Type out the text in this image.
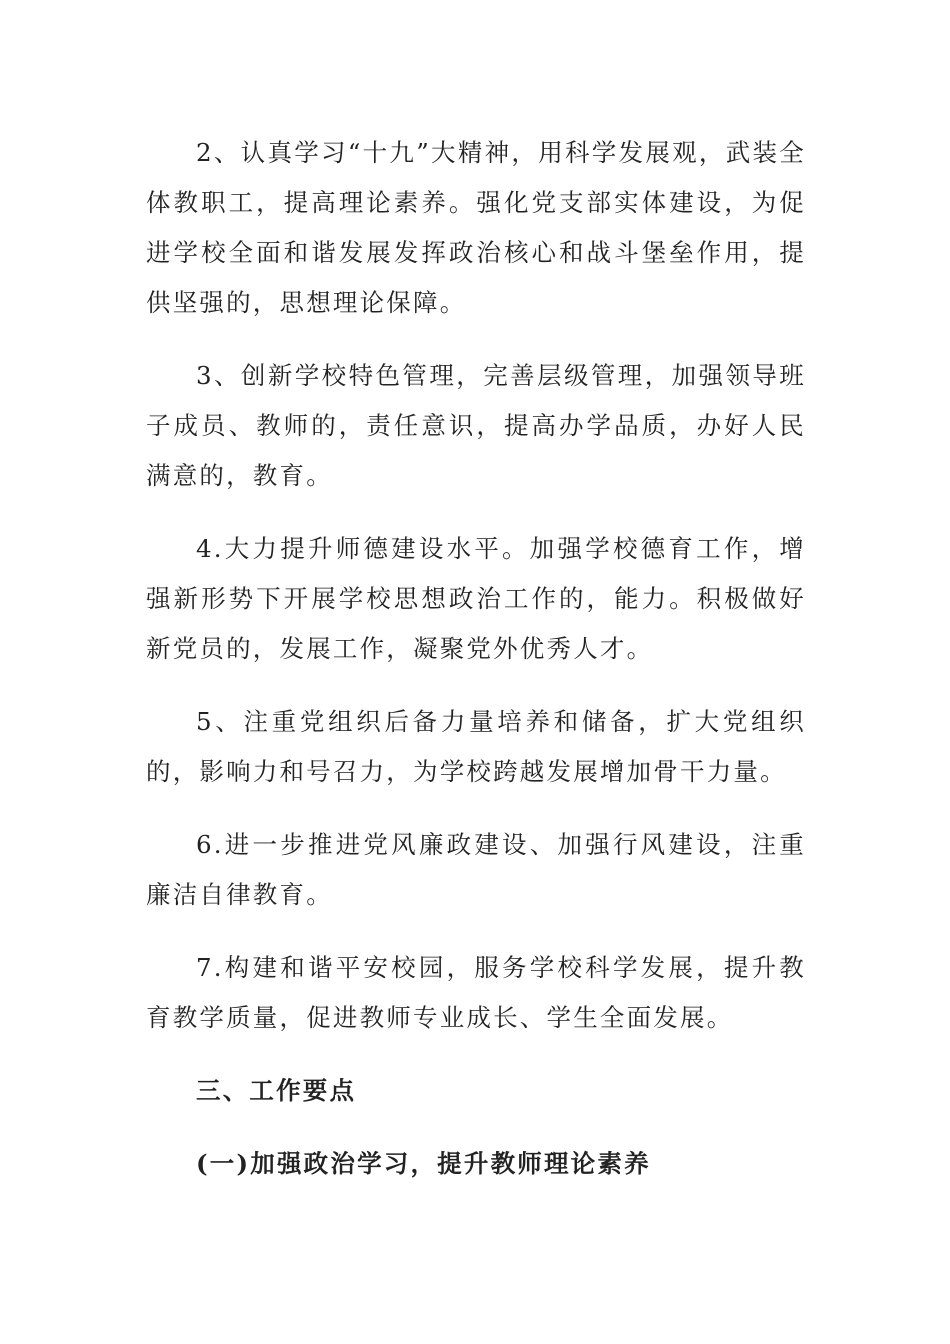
2、认真学习“十九”大精神，用科学发展观，武装全体教职工，提高理论素养。强化党支部实体建设，为促进学校全面和谐发展发挥政治核心和战斗堡垒作用，提供坚强的，思想理论保障。

3、创新学校特色管理，完善层级管理，加强领导班子成员、教师的，责任意识，提高办学品质，办好人民满意的，教育。

4.大力提升师德建设水平。加强学校德育工作，增强新形势下开展学校思想政治工作的，能力。积极做好新党员的，发展工作，凝聚党外优秀人才。

5、注重党组织后备力量培养和储备，扩大党组织的，影响力和号召力，为学校跨越发展增加骨干力量。

6.进一步推进党风廉政建设、加强行风建设，注重廉洁自律教育。

7.构建和谐平安校园，服务学校科学发展，提升教育教学质量，促进教师专业成长、学生全面发展。

三、工作要点

(一)加强政治学习，提升教师理论素养
